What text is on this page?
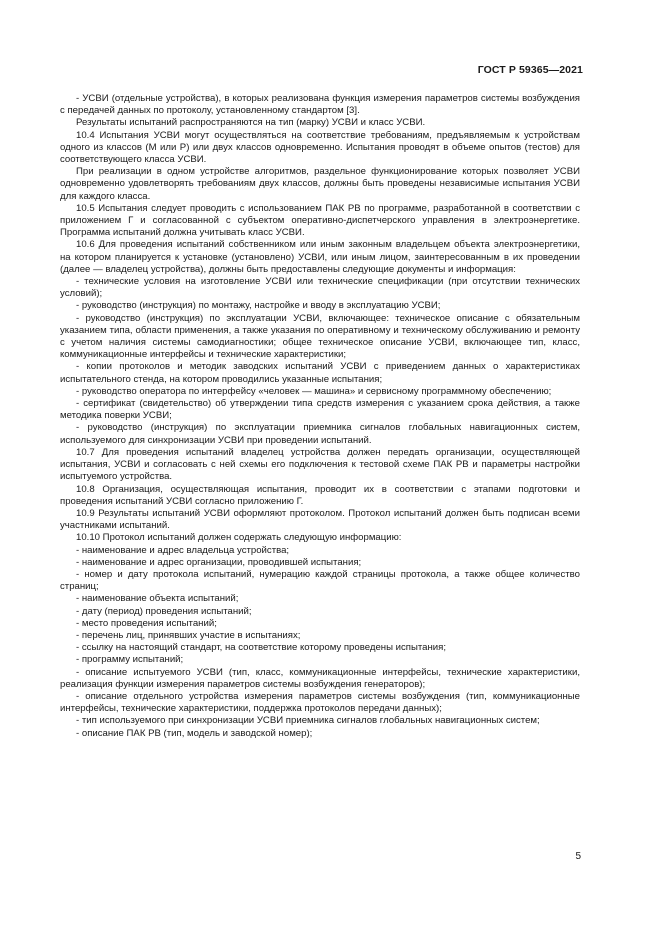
ГОСТ Р 59365—2021

- УСВИ (отдельные устройства), в которых реализована функция измерения параметров системы возбуждения с передачей данных по протоколу, установленному стандартом [3].

Результаты испытаний распространяются на тип (марку) УСВИ и класс УСВИ.

10.4 Испытания УСВИ могут осуществляться на соответствие требованиям, предъявляемым к устройствам одного из классов (М или Р) или двух классов одновременно. Испытания проводят в объеме опытов (тестов) для соответствующего класса УСВИ.

При реализации в одном устройстве алгоритмов, раздельное функционирование которых позволяет УСВИ одновременно удовлетворять требованиям двух классов, должны быть проведены независимые испытания УСВИ для каждого класса.

10.5 Испытания следует проводить с использованием ПАК РВ по программе, разработанной в соответствии с приложением Г и согласованной с субъектом оперативно-диспетчерского управления в электроэнергетике. Программа испытаний должна учитывать класс УСВИ.

10.6 Для проведения испытаний собственником или иным законным владельцем объекта электроэнергетики, на котором планируется к установке (установлено) УСВИ, или иным лицом, заинтересованным в их проведении (далее — владелец устройства), должны быть предоставлены следующие документы и информация:

- технические условия на изготовление УСВИ или технические спецификации (при отсутствии технических условий);

- руководство (инструкция) по монтажу, настройке и вводу в эксплуатацию УСВИ;

- руководство (инструкция) по эксплуатации УСВИ, включающее: техническое описание с обязательным указанием типа, области применения, а также указания по оперативному и техническому обслуживанию и ремонту с учетом наличия системы самодиагностики; общее техническое описание УСВИ, включающее тип, класс, коммуникационные интерфейсы и технические характеристики;

- копии протоколов и методик заводских испытаний УСВИ с приведением данных о характеристиках испытательного стенда, на котором проводились указанные испытания;

- руководство оператора по интерфейсу «человек — машина» и сервисному программному обеспечению;

- сертификат (свидетельство) об утверждении типа средств измерения с указанием срока действия, а также методика поверки УСВИ;

- руководство (инструкция) по эксплуатации приемника сигналов глобальных навигационных систем, используемого для синхронизации УСВИ при проведении испытаний.

10.7 Для проведения испытаний владелец устройства должен передать организации, осуществляющей испытания, УСВИ и согласовать с ней схемы его подключения к тестовой схеме ПАК РВ и параметры настройки испытуемого устройства.

10.8 Организация, осуществляющая испытания, проводит их в соответствии с этапами подготовки и проведения испытаний УСВИ согласно приложению Г.

10.9 Результаты испытаний УСВИ оформляют протоколом. Протокол испытаний должен быть подписан всеми участниками испытаний.

10.10 Протокол испытаний должен содержать следующую информацию:

- наименование и адрес владельца устройства;

- наименование и адрес организации, проводившей испытания;

- номер и дату протокола испытаний, нумерацию каждой страницы протокола, а также общее количество страниц;

- наименование объекта испытаний;

- дату (период) проведения испытаний;

- место проведения испытаний;

- перечень лиц, принявших участие в испытаниях;

- ссылку на настоящий стандарт, на соответствие которому проведены испытания;

- программу испытаний;

- описание испытуемого УСВИ (тип, класс, коммуникационные интерфейсы, технические характеристики, реализация функции измерения параметров системы возбуждения генераторов);

- описание отдельного устройства измерения параметров системы возбуждения (тип, коммуникационные интерфейсы, технические характеристики, поддержка протоколов передачи данных);

- тип используемого при синхронизации УСВИ приемника сигналов глобальных навигационных систем;

- описание ПАК РВ (тип, модель и заводской номер);

5
